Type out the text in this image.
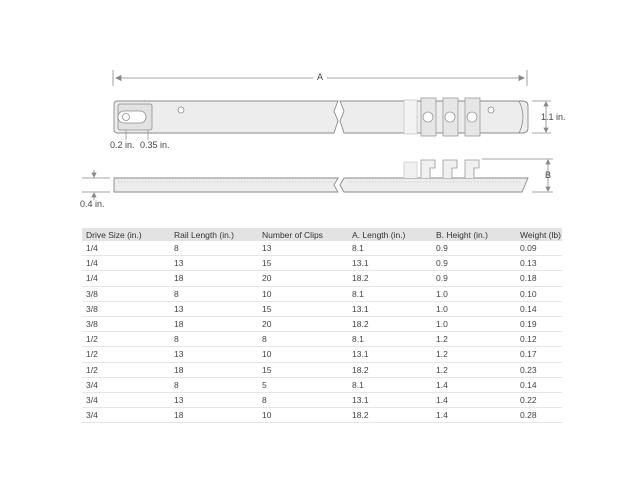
A
1.1 in.
0.2 in. 0.35 in.
B
0.4 in.
Drive Size (in.)	Rail Length (in.)	Number of Clips	A. Length (in.)	B. Height (in.)	Weight (lb)
1/4	8	13	8.1	0.9	0.09
1/4	13	15	13.1	0.9	0.13
1/4	18	20	18.2	0.9	0.18
3/8	8	10	8.1	1.0	0.10
3/8	13	15	13.1	1.0	0.14
3/8	18	20	18.2	1.0	0.19
1/2	8	8	8.1	1.2	0.12
1/2	13	10	13.1	1.2	0.17
1/2	18	15	18.2	1.2	0.23
3/4	8	5	8.1	1.4	0.14
3/4	13	8	13.1	1.4	0.22
3/4	18	10	18.2	1.4	0.28
